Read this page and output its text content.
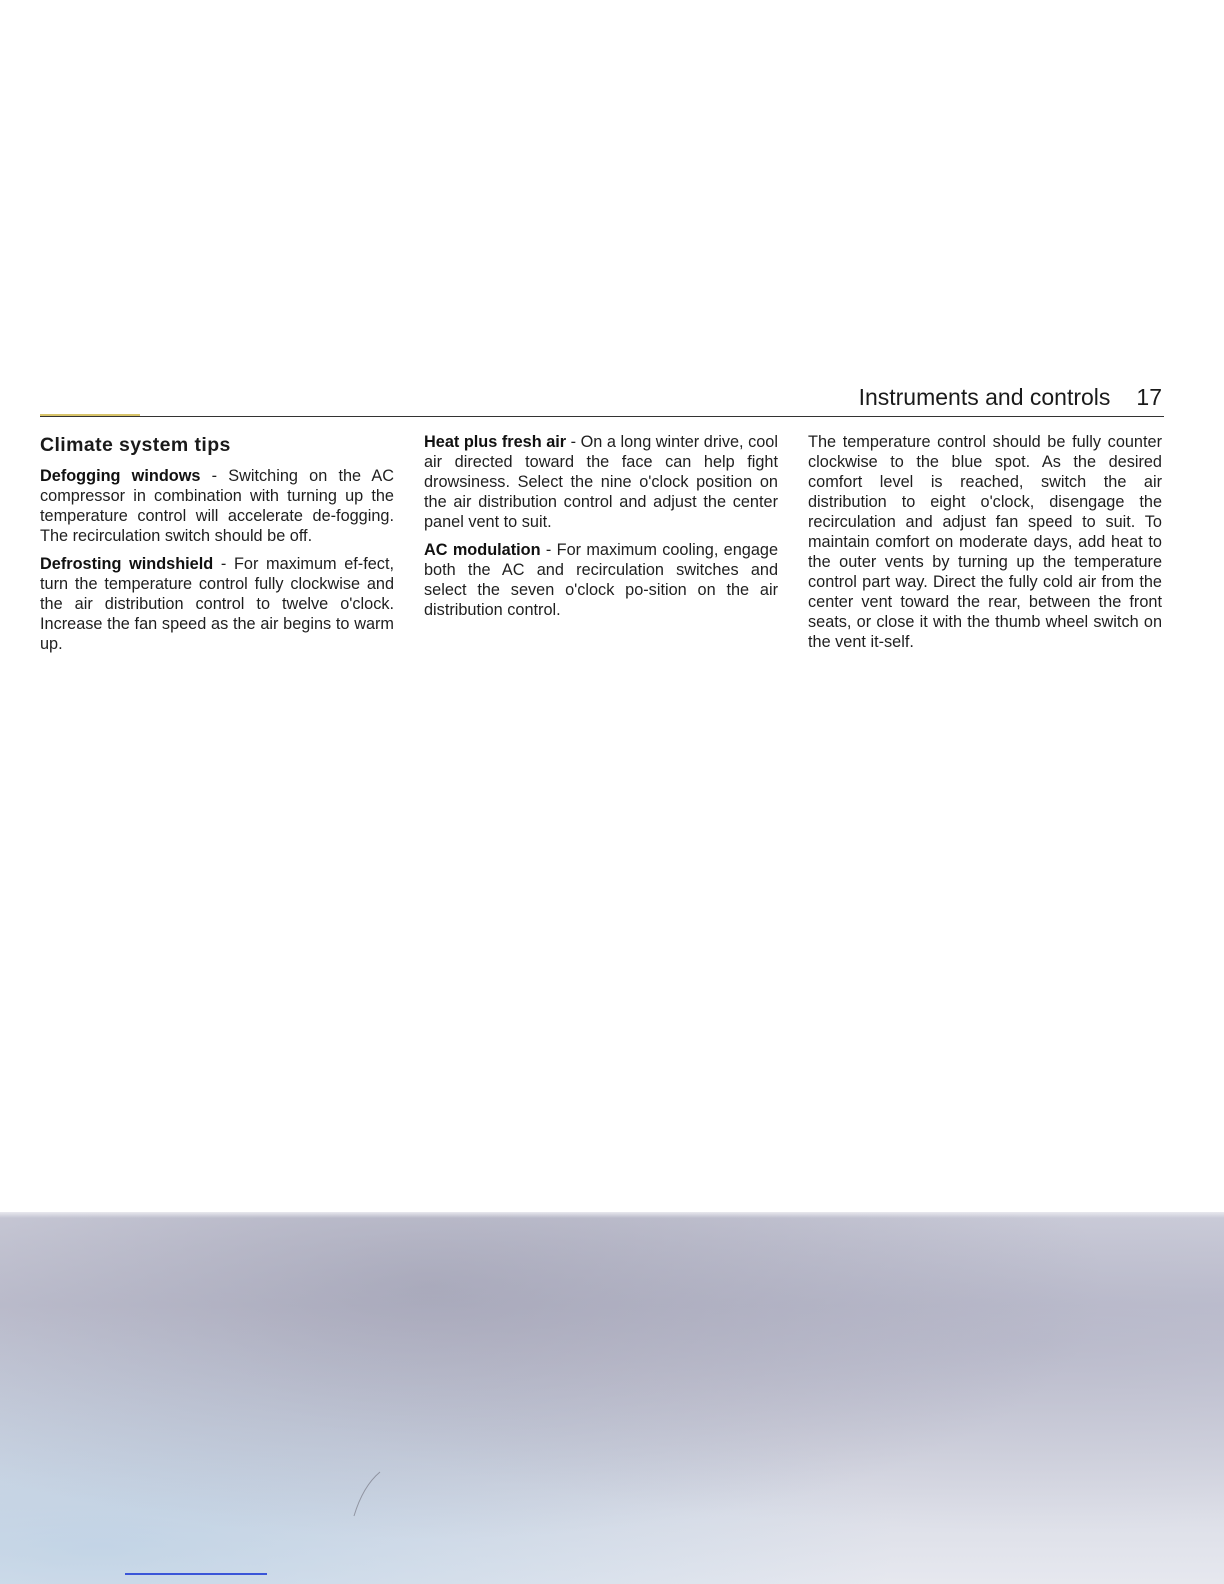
Instruments and controls 17
Climate system tips

Defogging windows - Switching on the AC compressor in combination with turning up the temperature control will accelerate de-fogging. The recirculation switch should be off.

Defrosting windshield - For maximum ef-fect, turn the temperature control fully clockwise and the air distribution control to twelve o'clock. Increase the fan speed as the air begins to warm up.

Heat plus fresh air - On a long winter drive, cool air directed toward the face can help fight drowsiness. Select the nine o'clock position on the air distribution control and adjust the center panel vent to suit.

AC modulation - For maximum cooling, engage both the AC and recirculation switches and select the seven o'clock po-sition on the air distribution control.

The temperature control should be fully counter clockwise to the blue spot. As the desired comfort level is reached, switch the air distribution to eight o'clock, disengage the recirculation and adjust fan speed to suit. To maintain comfort on moderate days, add heat to the outer vents by turning up the temperature control part way. Direct the fully cold air from the center vent toward the rear, between the front seats, or close it with the thumb wheel switch on the vent it-self.
